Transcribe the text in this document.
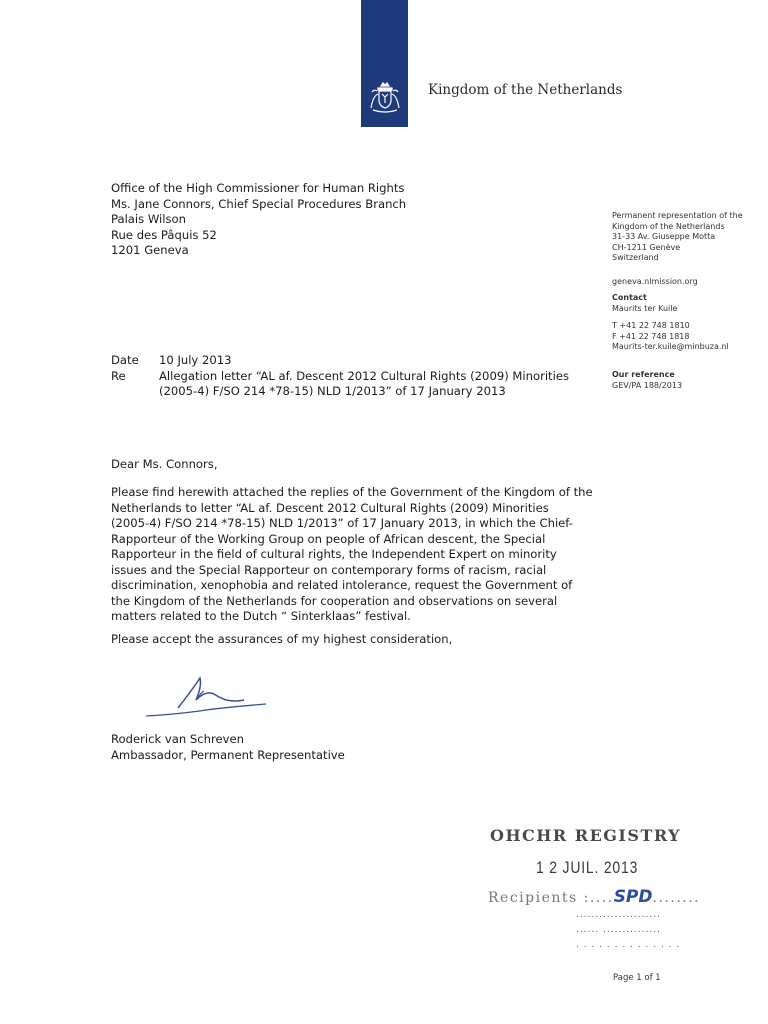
Kingdom of the Netherlands
Office of the High Commissioner for Human Rights
Ms. Jane Connors, Chief Special Procedures Branch
Palais Wilson
Rue des Pâquis 52
1201 Geneva
Permanent representation of the
Kingdom of the Netherlands
31-33 Av. Giuseppe Motta
CH-1211 Genève
Switzerland
geneva.nlmission.org
Contact
Maurits ter Kuile
T +41 22 748 1810
F +41 22 748 1818
Maurits-ter.kuile@minbuza.nl
Our reference
GEV/PA 188/2013
Date	10 July 2013
Re	Allegation letter “AL af. Descent 2012 Cultural Rights (2009) Minorities
(2005-4) F/SO 214 *78-15) NLD 1/2013” of 17 January 2013
Dear Ms. Connors,
Please find herewith attached the replies of the Government of the Kingdom of the
Netherlands to letter “AL af. Descent 2012 Cultural Rights (2009) Minorities
(2005-4) F/SO 214 *78-15) NLD 1/2013” of 17 January 2013, in which the Chief-
Rapporteur of the Working Group on people of African descent, the Special
Rapporteur in the field of cultural rights, the Independent Expert on minority
issues and the Special Rapporteur on contemporary forms of racism, racial
discrimination, xenophobia and related intolerance, request the Government of
the Kingdom of the Netherlands for cooperation and observations on several
matters related to the Dutch “ Sinterklaas” festival.
Please accept the assurances of my highest consideration,
Roderick van Schreven
Ambassador, Permanent Representative
OHCHR REGISTRY
1 2 JUIL. 2013
Recipients :....SPD........
......................
...... ...............
. . . . . . . . . . . . . .
Page 1 of 1
